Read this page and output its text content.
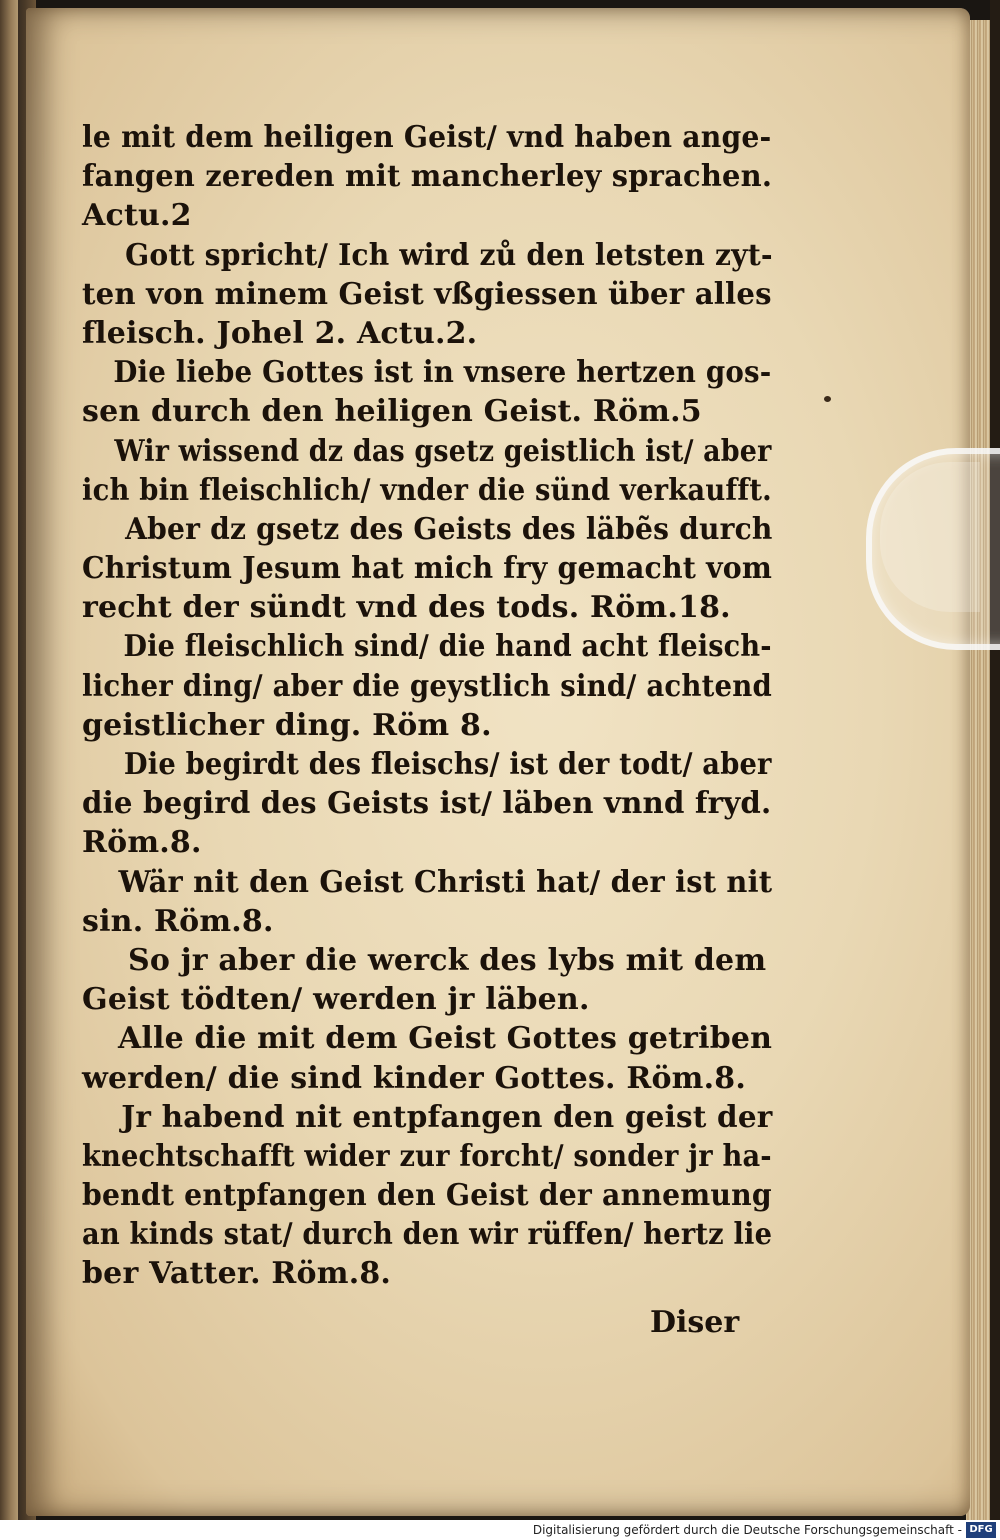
le mit dem heiligen Geist/ vnd haben ange-
fangen zereden mit mancherley sprachen.
Actu.2
Gott spricht/ Ich wird zů den letsten zyt-
ten von minem Geist vßgiessen über alles
fleisch. Johel 2. Actu.2.
Die liebe Gottes ist in vnsere hertzen gos-
sen durch den heiligen Geist. Röm.5
Wir wissend dz das gsetz geistlich ist/ aber
ich bin fleischlich/ vnder die sünd verkaufft.
Aber dz gsetz des Geists des läbẽs durch
Christum Jesum hat mich fry gemacht vom
recht der sündt vnd des tods. Röm.18.
Die fleischlich sind/ die hand acht fleisch-
licher ding/ aber die geystlich sind/ achtend
geistlicher ding. Röm 8.
Die begirdt des fleischs/ ist der todt/ aber
die begird des Geists ist/ läben vnnd fryd.
Röm.8.
Wär nit den Geist Christi hat/ der ist nit
sin. Röm.8.
So jr aber die werck des lybs mit dem
Geist tödten/ werden jr läben.
Alle die mit dem Geist Gottes getriben
werden/ die sind kinder Gottes. Röm.8.
Jr habend nit entpfangen den geist der
knechtschafft wider zur forcht/ sonder jr ha-
bendt entpfangen den Geist der annemung
an kinds stat/ durch den wir rüffen/ hertz lie
ber Vatter. Röm.8.
Diser
Digitalisierung gefördert durch die Deutsche Forschungsgemeinschaft - DFG
